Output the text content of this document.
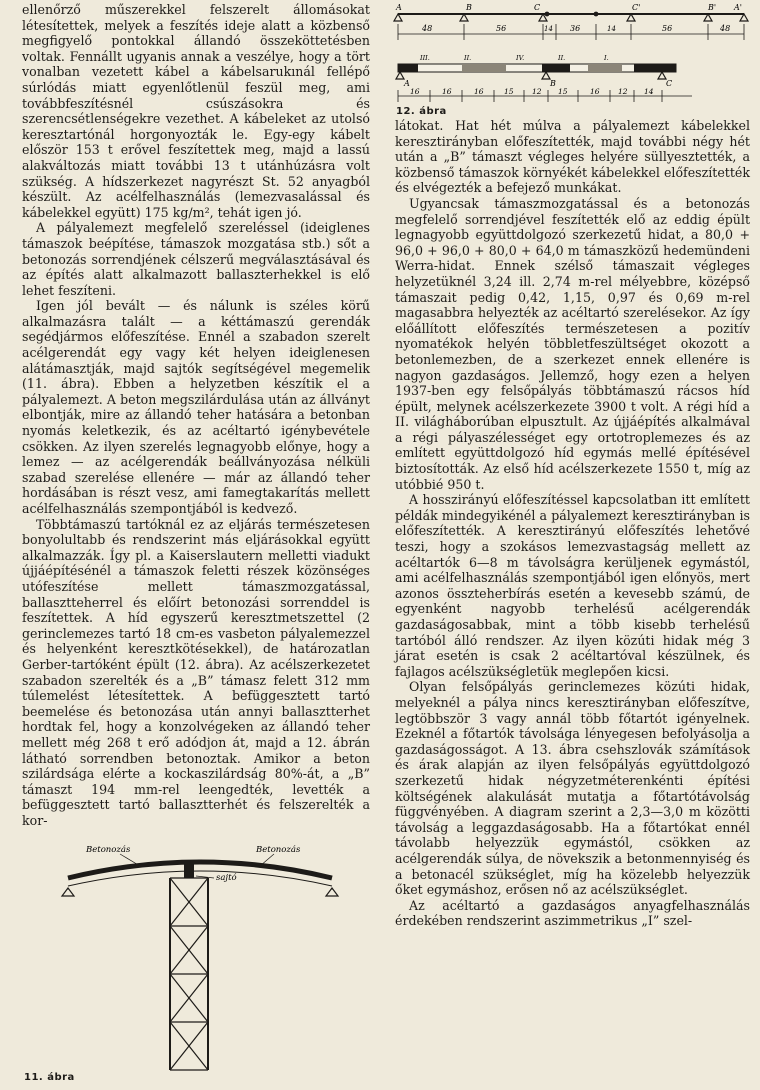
ellenőrző műszerekkel felszerelt állomásokat létesítettek, melyek a feszítés ideje alatt a közbenső megfigyelő pontokkal állandó összeköttetésben voltak. Fennállt ugyanis annak a veszélye, hogy a tört vonalban vezetett kábel a kábelsarukınál fellépő súrlódás miatt egyenlőtlenül feszül meg, ami továbbfeszítésnél csúszásokra és szerencsétlenségekre vezethet. A kábeleket az utolsó keresztartónál horgonyozták le. Egy-egy kábelt először 153 t erővel feszítettek meg, majd a lassú alakváltozás miatt további 13 t utánhúzásra volt szükség. A hídszerkezet nagyrészt St. 52 anyagból készült. Az acélfelhasználás (lemezvasalással és kábelekkel együtt) 175 kg/m², tehát igen jó.

A pályalemezt megfelelő szereléssel (ideiglenes támaszok beépítése, támaszok mozgatása stb.) sőt a betonozás sorrendjének célszerű megválasztásával és az építés alatt alkalmazott ballaszterhekkel is elő lehet feszíteni.

Igen jól bevált — és nálunk is széles körű alkalmazásra talált — a kéttámaszú gerendák segédjármos előfeszítése. Ennél a szabadon szerelt acélgerendát egy vagy két helyen ideiglenesen alátámasztják, majd sajtók segítségével megemelik (11. ábra). Ebben a helyzetben készítik el a pályalemezt. A beton megszilárdulása után az állványt elbontják, mire az állandó teher hatására a betonban nyomás keletkezik, és az acéltartó igénybevétele csökken. Az ilyen szerelés legnagyobb előnye, hogy a lemez — az acélgerendák beállványozása nélküli szabad szerelése ellenére — már az állandó teher hordásában is részt vesz, ami famegtakarítás mellett acélfelhasználás szempontjából is kedvező.

Többtámaszú tartóknál ez az eljárás természetesen bonyolultabb és rendszerint más eljárásokkal együtt alkalmazzák. Így pl. a Kaiserslautern melletti viadukt újjáépítésénél a támaszok feletti részek közönséges utófeszítése mellett támaszmozgatással, ballasztteherrel és előírt betonozási sorrenddel is feszítettek. A híd egyszerű keresztmetszettel (2 gerinclemezes tartó 18 cm-es vasbeton pályalemezzel és helyenként keresztkötésekkel), de határozatlan Gerber-tartóként épült (12. ábra). Az acélszerkezetet szabadon szerelték és a „B” támasz felett 312 mm túlemelést létesítettek. A befüggesztett tartó beemelése és betonozása után annyi ballasztterhet hordtak fel, hogy a konzolvégeken az állandó teher mellett még 268 t erő adódjon át, majd a 12. ábrán látható sorrendben betonoztak. Amikor a beton szilárdsága elérte a kockaszilárdság 80%-át, a „B” támaszt 194 mm-rel leengedték, levették a befüggesztett tartó ballasztterhét és felszerelték a kor-

látokat. Hat hét múlva a pályalemezt kábelekkel keresztirányban előfeszítették, majd további négy hét után a „B” támaszt végleges helyére süllyesztették, a közbenső támaszok környékét kábelekkel előfeszítették és elvégezték a befejező munkákat.

Ugyancsak támaszmozgatással és a betonozás megfelelő sorrendjével feszítették elő az eddig épült legnagyobb együttdolgozó szerkezetű hidat, a 80,0 + 96,0 + 96,0 + 80,0 + 64,0 m támaszközű hedemündeni Werra-hidat. Ennek szélső támaszait végleges helyzetüknél 3,24 ill. 2,74 m-rel mélyebbre, középső támaszait pedig 0,42, 1,15, 0,97 és 0,69 m-rel magasabbra helyezték az acéltartó szerelésekor. Az így előállított előfeszítés természetesen a pozitív nyomatékok helyén többletfeszültséget okozott a betonlemezben, de a szerkezet ennek ellenére is nagyon gazdaságos. Jellemző, hogy ezen a helyen 1937-ben egy felsőpályás többtámaszú rácsos híd épült, melynek acélszerkezete 3900 t volt. A régi híd a II. világháborúban elpusztult. Az újjáépítés alkalmával a régi pályaszélességet egy ortotroplemezes és az említett együttdolgozó híd egymás mellé építésével biztosították. Az első híd acélszerkezete 1550 t, míg az utóbbié 950 t.

A hosszirányú előfeszítéssel kapcsolatban itt említett példák mindegyikénél a pályalemezt keresztirányban is előfeszítették. A keresztirányú előfeszítés lehetővé teszi, hogy a szokásos lemezvastagság mellett az acéltartók 6—8 m távolságra kerüljenek egymástól, ami acélfelhasználás szempontjából igen előnyös, mert azonos összteherbírás esetén a kevesebb számú, de egyenként nagyobb terhelésű acélgerendák gazdaságosabbak, mint a több kisebb terhelésű tartóból álló rendszer. Az ilyen közúti hidak még 3 járat esetén is csak 2 acéltartóval készülnek, és fajlagos acélszükségletük meglepően kicsi.

Olyan felsőpályás gerinclemezes közúti hidak, melyeknél a pálya nincs keresztirányban előfeszítve, legtöbbször 3 vagy annál több főtartót igényelnek. Ezeknél a főtartók távolsága lényegesen befolyásolja a gazdaságosságot. A 13. ábra csehszlovák számítások és árak alapján az ilyen felsőpályás együttdolgozó szerkezetű hidak négyzetméterenkénti építési költségének alakulását mutatja a főtartótávolság függvényében. A diagram szerint a 2,3—3,0 m közötti távolság a leggazdaságosabb. Ha a főtartókat ennél távolabb helyezzük egymástól, csökken az acélgerendák súlya, de növekszik a betonmennyiség és a betonacél szükséglet, míg ha közelebb helyezzük őket egymáshoz, erősen nő az acélszükséglet.

Az acéltartó a gazdaságos anyagfelhasználás érdekében rendszerint aszimmetrikus „I” szel-

A	B	C	C'	B' A'
48	56	14 36	14	56	48
III.	II.	IV.	II.	I.
A	B	C
16	16	16	15 12 15	16 12 14
12. ábra
Betonozás	Betonozás
sajtó
11. ábra
